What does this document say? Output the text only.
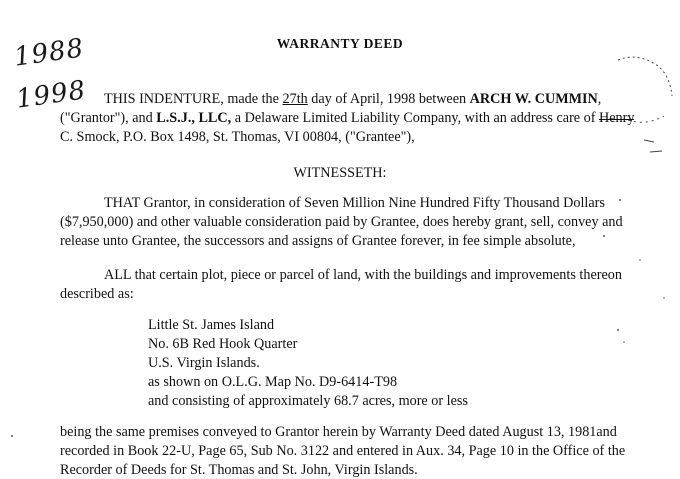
1988
1998
WARRANTY DEED
THIS INDENTURE, made the 27th day of April, 1998 between ARCH W. CUMMIN,
("Grantor"), and L.S.J., LLC, a Delaware Limited Liability Company, with an address care of Henry
C. Smock, P.O. Box 1498, St. Thomas, VI 00804, ("Grantee"),
WITNESSETH:
THAT Grantor, in consideration of Seven Million Nine Hundred Fifty Thousand Dollars
($7,950,000) and other valuable consideration paid by Grantee, does hereby grant, sell, convey and
release unto Grantee, the successors and assigns of Grantee forever, in fee simple absolute,
ALL that certain plot, piece or parcel of land, with the buildings and improvements thereon
described as:
Little St. James Island
No. 6B Red Hook Quarter
U.S. Virgin Islands.
as shown on O.L.G. Map No. D9-6414-T98
and consisting of approximately 68.7 acres, more or less
being the same premises conveyed to Grantor herein by Warranty Deed dated August 13, 1981and
recorded in Book 22-U, Page 65, Sub No. 3122 and entered in Aux. 34, Page 10 in the Office of the
Recorder of Deeds for St. Thomas and St. John, Virgin Islands.
